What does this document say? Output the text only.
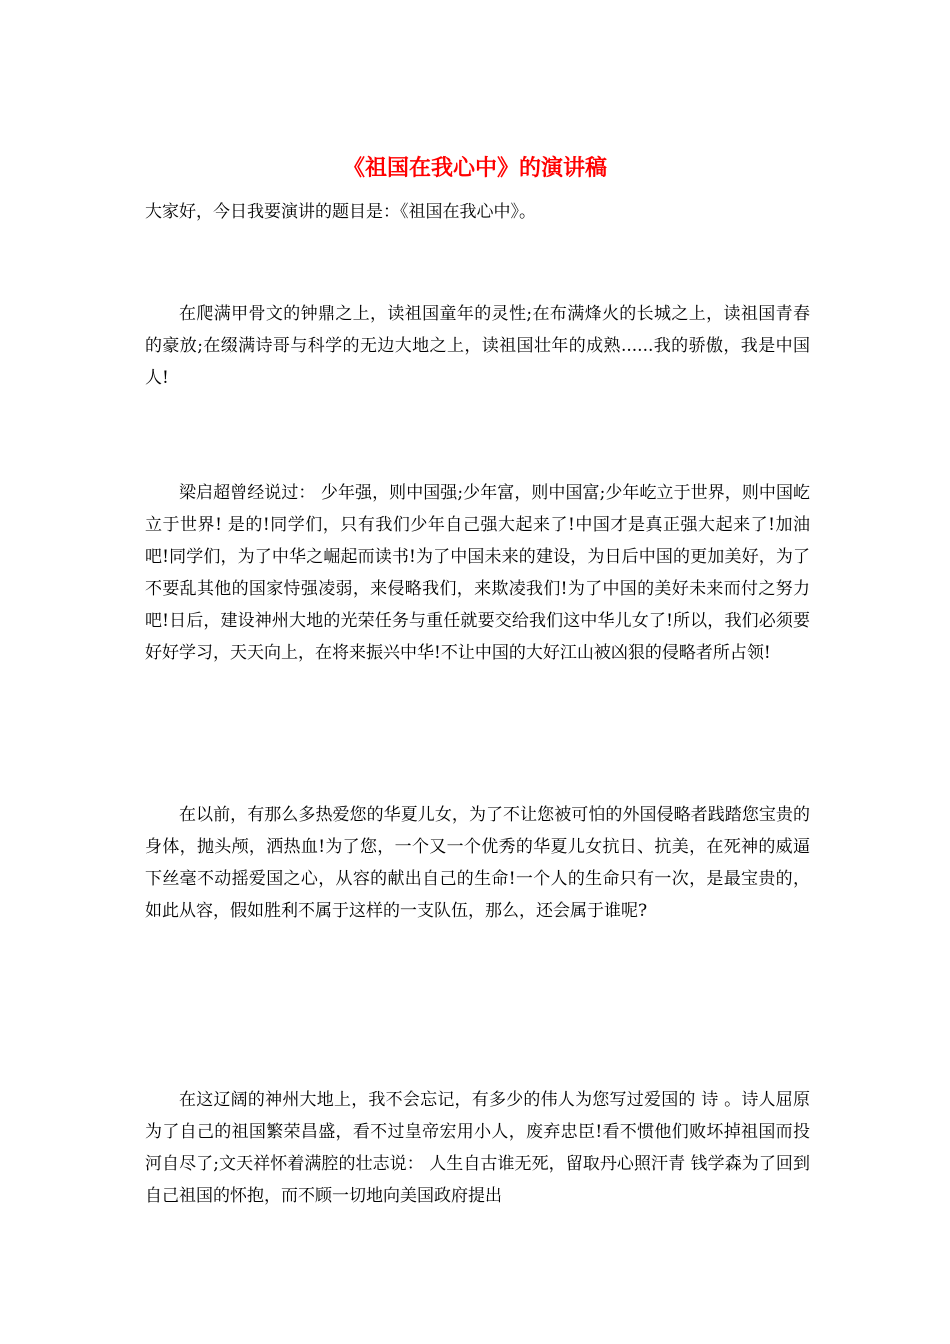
《祖国在我心中》的演讲稿

大家好，今日我要演讲的题目是：《祖国在我心中》。

在爬满甲骨文的钟鼎之上，读祖国童年的灵性;在布满烽火的长城之上，读祖国青春的豪放;在缀满诗哥与科学的无边大地之上，读祖国壮年的成熟......我的骄傲，我是中国人!

梁启超曾经说过： 少年强，则中国强;少年富，则中国富;少年屹立于世界，则中国屹立于世界! 是的!同学们，只有我们少年自己强大起来了!中国才是真正强大起来了!加油吧!同学们，为了中华之崛起而读书!为了中国未来的建设，为日后中国的更加美好，为了不要乱其他的国家恃强凌弱，来侵略我们，来欺凌我们!为了中国的美好未来而付之努力吧!日后，建设神州大地的光荣任务与重任就要交给我们这中华儿女了!所以，我们必须要好好学习，天天向上，在将来振兴中华!不让中国的大好江山被凶狠的侵略者所占领!

在以前，有那么多热爱您的华夏儿女，为了不让您被可怕的外国侵略者践踏您宝贵的身体，抛头颅，洒热血!为了您，一个又一个优秀的华夏儿女抗日、抗美，在死神的威逼下丝毫不动摇爱国之心，从容的献出自己的生命!一个人的生命只有一次，是最宝贵的，如此从容，假如胜利不属于这样的一支队伍，那么，还会属于谁呢?

在这辽阔的神州大地上，我不会忘记，有多少的伟人为您写过爱国的 诗 。诗人屈原为了自己的祖国繁荣昌盛，看不过皇帝宏用小人，废弃忠臣!看不惯他们败坏掉祖国而投河自尽了;文天祥怀着满腔的壮志说： 人生自古谁无死，留取丹心照汗青 钱学森为了回到自己祖国的怀抱，而不顾一切地向美国政府提出
